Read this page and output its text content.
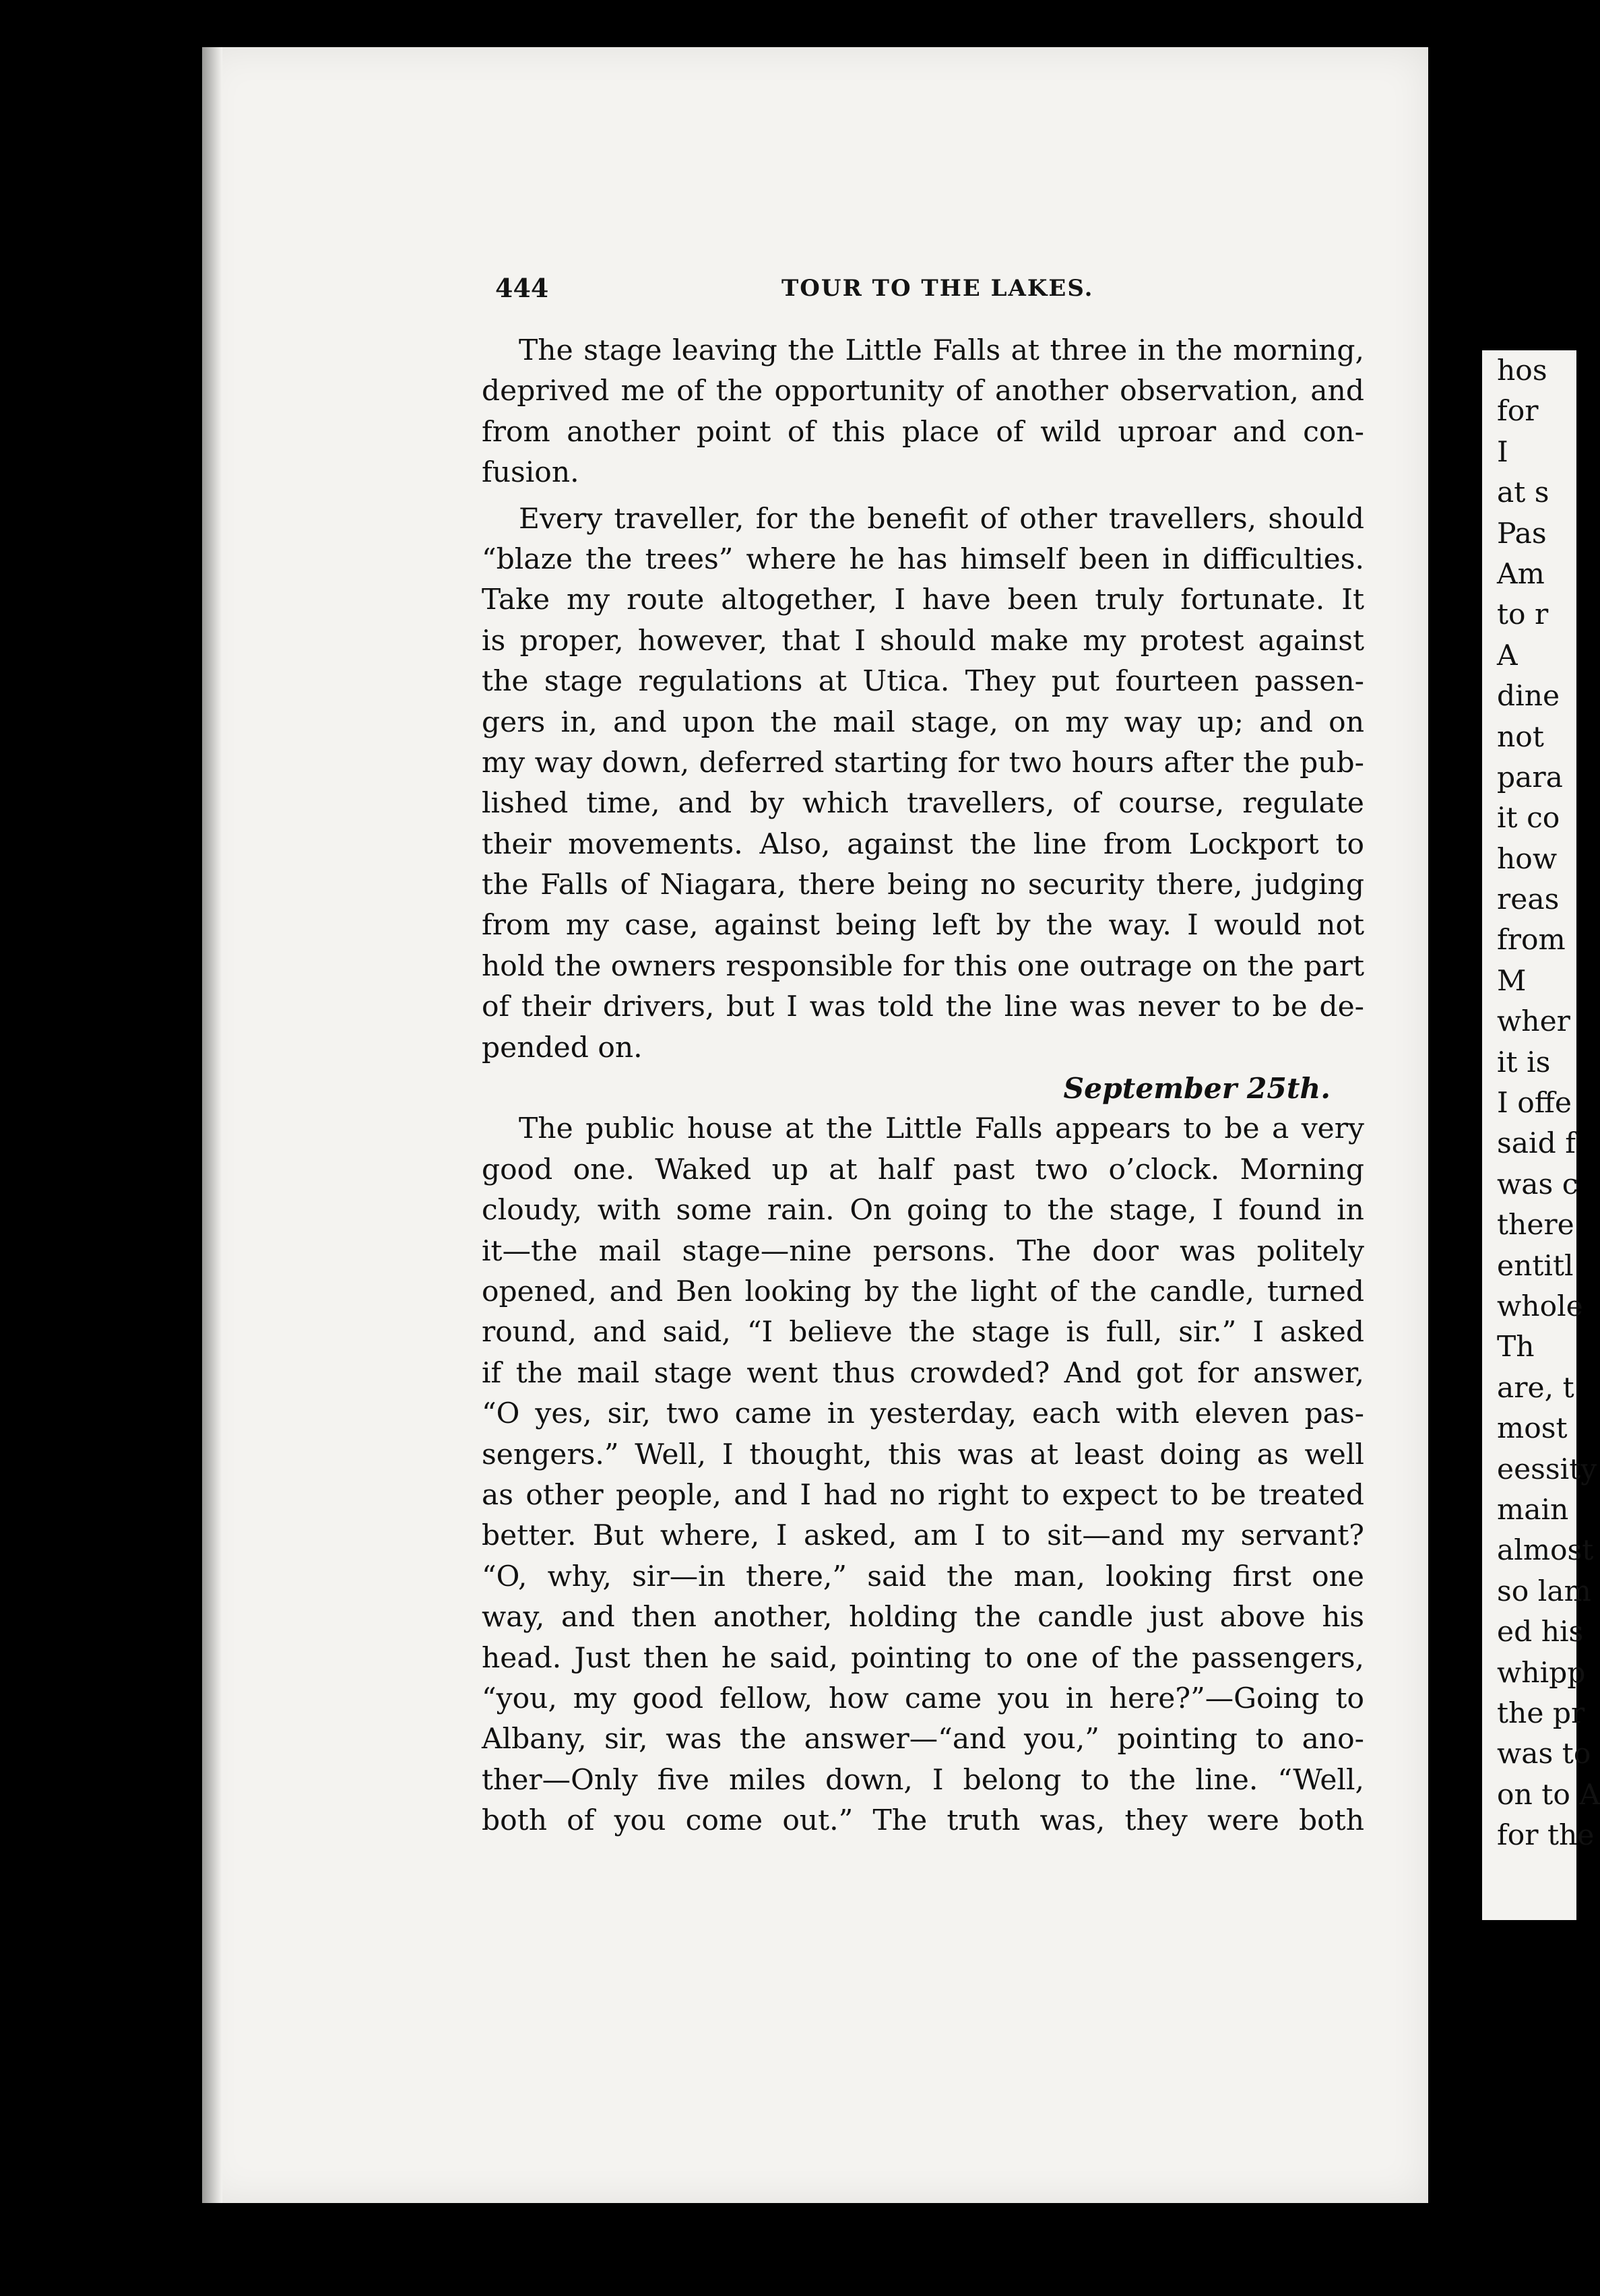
444	TOUR TO THE LAKES.
The stage leaving the Little Falls at three in the morning,
deprived me of the opportunity of another observation, and
from another point of this place of wild uproar and con-
fusion.
Every traveller, for the benefit of other travellers, should
“blaze the trees” where he has himself been in difficulties.
Take my route altogether, I have been truly fortunate. It
is proper, however, that I should make my protest against
the stage regulations at Utica. They put fourteen passen-
gers in, and upon the mail stage, on my way up; and on
my way down, deferred starting for two hours after the pub-
lished time, and by which travellers, of course, regulate
their movements. Also, against the line from Lockport to
the Falls of Niagara, there being no security there, judging
from my case, against being left by the way. I would not
hold the owners responsible for this one outrage on the part
of their drivers, but I was told the line was never to be de-
pended on.
September 25th.
The public house at the Little Falls appears to be a very
good one. Waked up at half past two o’clock. Morning
cloudy, with some rain. On going to the stage, I found in
it—the mail stage—nine persons. The door was politely
opened, and Ben looking by the light of the candle, turned
round, and said, “I believe the stage is full, sir.” I asked
if the mail stage went thus crowded? And got for answer,
“O yes, sir, two came in yesterday, each with eleven pas-
sengers.” Well, I thought, this was at least doing as well
as other people, and I had no right to expect to be treated
better. But where, I asked, am I to sit—and my servant?
“O, why, sir—in there,” said the man, looking first one
way, and then another, holding the candle just above his
head. Just then he said, pointing to one of the passengers,
“you, my good fellow, how came you in here?”—Going to
Albany, sir, was the answer—“and you,” pointing to ano-
ther—Only five miles down, I belong to the line. “Well,
both of you come out.” The truth was, they were both
hos
for
I
at s
Pas
Am
to r
A
dine
not
para
it co
how
reas
from
M
wher
it is
I offe
said f
was c
there
entitl
whole
Th
are, t
most
eessity
main
almost
so lam
ed his
whipp
the pr
was to
on to A
for the
